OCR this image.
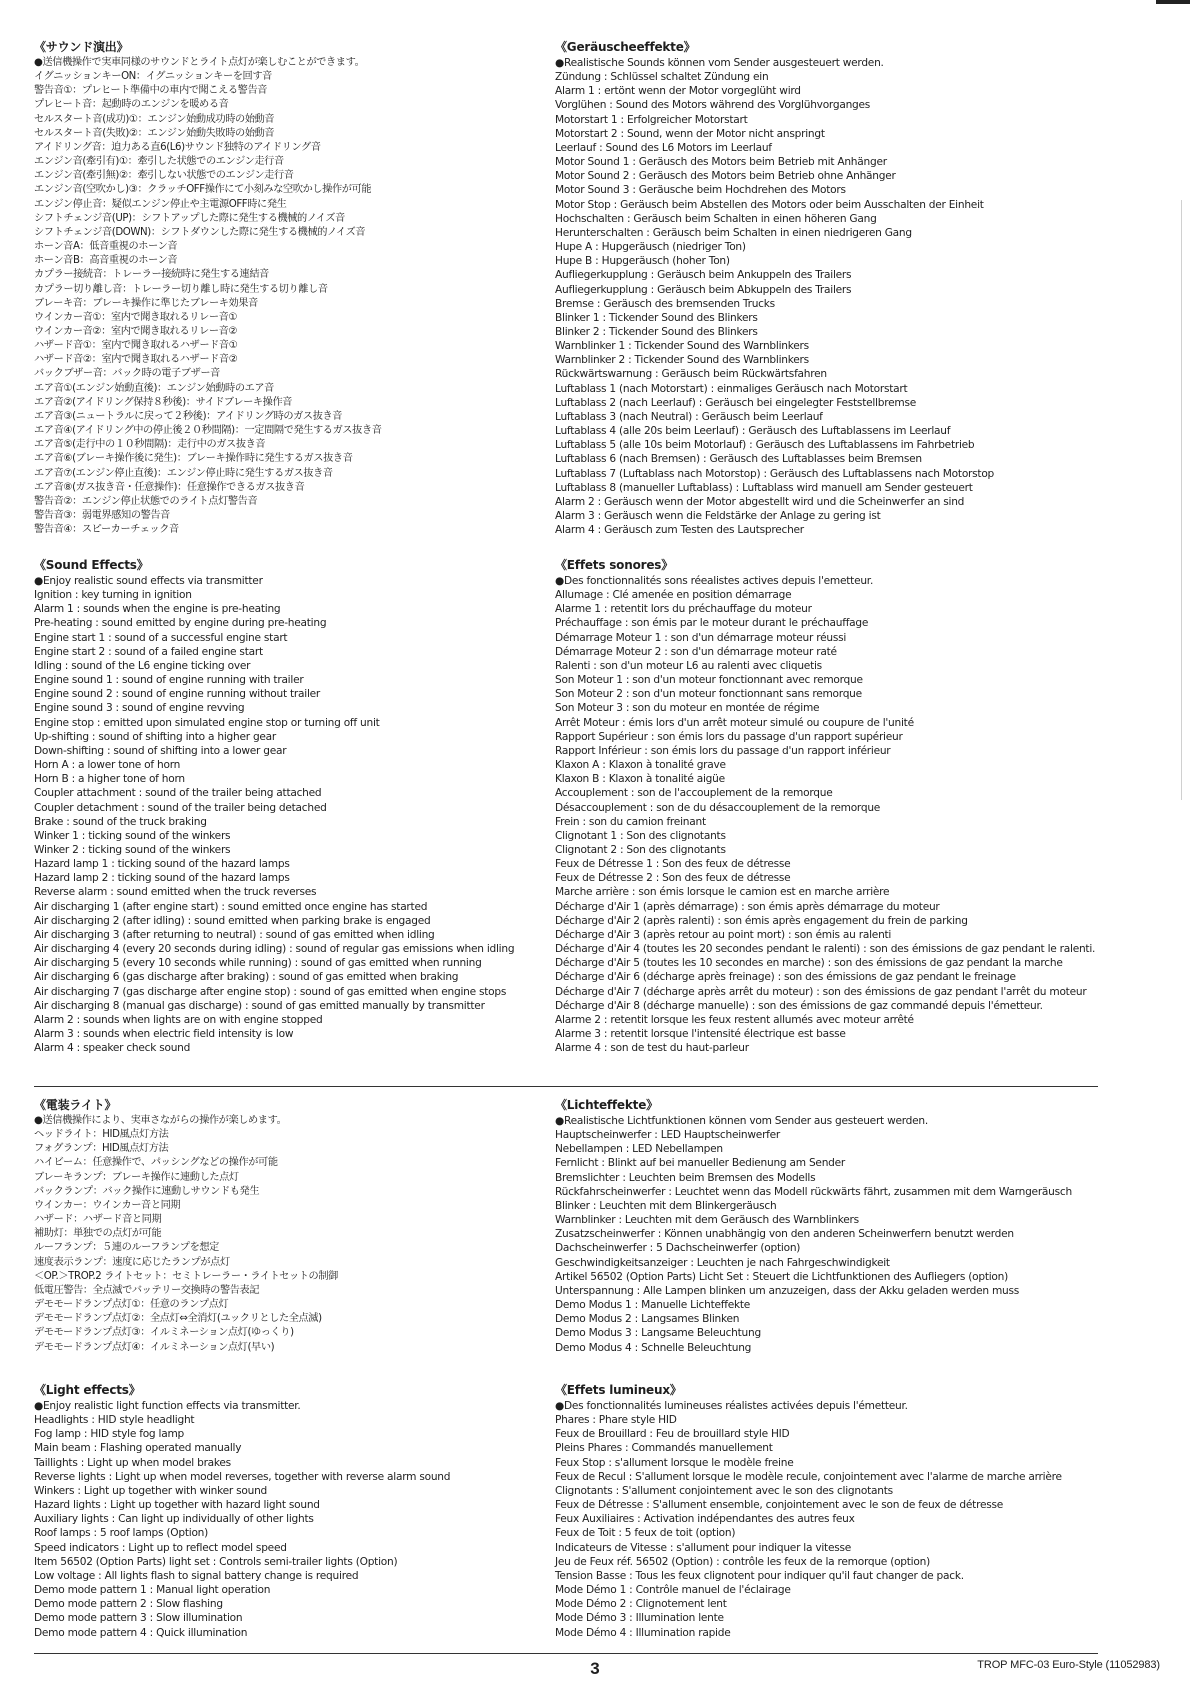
《サウンド演出》
●送信機操作で実車同様のサウンドとライト点灯が楽しむことができます。
イグニッションキーON：イグニッションキーを回す音
警告音①：プレヒート準備中の車内で聞こえる警告音
プレヒート音：起動時のエンジンを暖める音
セルスタート音(成功)①：エンジン始動成功時の始動音
セルスタート音(失敗)②：エンジン始動失敗時の始動音
アイドリング音：迫力ある直6(L6)サウンド独特のアイドリング音
エンジン音(牽引有)①：牽引した状態でのエンジン走行音
エンジン音(牽引無)②：牽引しない状態でのエンジン走行音
エンジン音(空吹かし)③：クラッチOFF操作にて小刻みな空吹かし操作が可能
エンジン停止音：疑似エンジン停止や主電源OFF時に発生
シフトチェンジ音(UP)：シフトアップした際に発生する機械的ノイズ音
シフトチェンジ音(DOWN)：シフトダウンした際に発生する機械的ノイズ音
ホーン音A：低音重視のホーン音
ホーン音B：高音重視のホーン音
カプラー接続音：トレーラー接続時に発生する連結音
カプラー切り離し音：トレーラー切り離し時に発生する切り離し音
ブレーキ音：ブレーキ操作に準じたブレーキ効果音
ウインカー音①：室内で聞き取れるリレー音①
ウインカー音②：室内で聞き取れるリレー音②
ハザード音①：室内で聞き取れるハザード音①
ハザード音②：室内で聞き取れるハザード音②
バックブザー音：バック時の電子ブザー音
エア音①(エンジン始動直後)：エンジン始動時のエア音
エア音②(アイドリング保持８秒後)：サイドブレーキ操作音
エア音③(ニュートラルに戻って２秒後)：アイドリング時のガス抜き音
エア音④(アイドリング中の停止後２０秒間隔)：一定間隔で発生するガス抜き音
エア音⑤(走行中の１０秒間隔)：走行中のガス抜き音
エア音⑥(ブレーキ操作後に発生)：ブレーキ操作時に発生するガス抜き音
エア音⑦(エンジン停止直後)：エンジン停止時に発生するガス抜き音
エア音⑧(ガス抜き音・任意操作)：任意操作できるガス抜き音
警告音②：エンジン停止状態でのライト点灯警告音
警告音③：弱電界感知の警告音
警告音④：スピーカーチェック音
《Sound Effects》
●Enjoy realistic sound effects via transmitter
Ignition : key turning in ignition
Alarm 1 : sounds when the engine is pre-heating
Pre-heating : sound emitted by engine during pre-heating
Engine start 1 : sound of a successful engine start
Engine start 2 : sound of a failed engine start
Idling : sound of the L6 engine ticking over
Engine sound 1 : sound of engine running with trailer
Engine sound 2 : sound of engine running without trailer
Engine sound 3 : sound of engine revving
Engine stop : emitted upon simulated engine stop or turning off unit
Up-shifting : sound of shifting into a higher gear
Down-shifting : sound of shifting into a lower gear
Horn A : a lower tone of horn
Horn B : a higher tone of horn
Coupler attachment : sound of the trailer being attached
Coupler detachment : sound of the trailer being detached
Brake : sound of the truck braking
Winker 1 : ticking sound of the winkers
Winker 2 : ticking sound of the winkers
Hazard lamp 1 : ticking sound of the hazard lamps
Hazard lamp 2 : ticking sound of the hazard lamps
Reverse alarm : sound emitted when the truck reverses
Air discharging 1 (after engine start) : sound emitted once engine has started
Air discharging 2 (after idling) : sound emitted when parking brake is engaged
Air discharging 3 (after returning to neutral) : sound of gas emitted when idling
Air discharging 4 (every 20 seconds during idling) : sound of regular gas emissions when idling
Air discharging 5 (every 10 seconds while running) : sound of gas emitted when running
Air discharging 6 (gas discharge after braking) : sound of gas emitted when braking
Air discharging 7 (gas discharge after engine stop) : sound of gas emitted when engine stops
Air discharging 8 (manual gas discharge) : sound of gas emitted manually by transmitter
Alarm 2 : sounds when lights are on with engine stopped
Alarm 3 : sounds when electric field intensity is low
Alarm 4 : speaker check sound
《電装ライト》
●送信機操作により、実車さながらの操作が楽しめます。
ヘッドライト：HID風点灯方法
フォグランプ：HID風点灯方法
ハイビーム：任意操作で、パッシングなどの操作が可能
ブレーキランプ：ブレーキ操作に連動した点灯
バックランプ：バック操作に連動しサウンドも発生
ウインカー：ウインカー音と同期
ハザード：ハザード音と同期
補助灯：単独での点灯が可能
ルーフランプ：５連のルーフランプを想定
速度表示ランプ：速度に応じたランプが点灯
＜OP.＞TROP.2 ライトセット：セミトレーラー・ライトセットの制御
低電圧警告：全点滅でバッテリー交換時の警告表記
デモモードランプ点灯①：任意のランプ点灯
デモモードランプ点灯②：全点灯⇔全消灯(ユックリとした全点滅)
デモモードランプ点灯③：イルミネーション点灯(ゆっくり)
デモモードランプ点灯④：イルミネーション点灯(早い)
《Light effects》
●Enjoy realistic light function effects via transmitter.
Headlights : HID style headlight
Fog lamp : HID style fog lamp
Main beam : Flashing operated manually
Taillights : Light up when model brakes
Reverse lights : Light up when model reverses, together with reverse alarm sound
Winkers : Light up together with winker sound
Hazard lights : Light up together with hazard light sound
Auxiliary lights : Can light up individually of other lights
Roof lamps : 5 roof lamps (Option)
Speed indicators : Light up to reflect model speed
Item 56502 (Option Parts) light set : Controls semi-trailer lights (Option)
Low voltage : All lights flash to signal battery change is required
Demo mode pattern 1 : Manual light operation
Demo mode pattern 2 : Slow flashing
Demo mode pattern 3 : Slow illumination
Demo mode pattern 4 : Quick illumination
《Geräuscheeffekte》
●Realistische Sounds können vom Sender ausgesteuert werden.
Zündung : Schlüssel schaltet Zündung ein
Alarm 1 : ertönt wenn der Motor vorgeglüht wird
Vorglühen : Sound des Motors während des Vorglühvorganges
Motorstart 1 : Erfolgreicher Motorstart
Motorstart 2 : Sound, wenn der Motor nicht anspringt
Leerlauf : Sound des L6 Motors im Leerlauf
Motor Sound 1 : Geräusch des Motors beim Betrieb mit Anhänger
Motor Sound 2 : Geräusch des Motors beim Betrieb ohne Anhänger
Motor Sound 3 : Geräusche beim Hochdrehen des Motors
Motor Stop : Geräusch beim Abstellen des Motors oder beim Ausschalten der Einheit
Hochschalten : Geräusch beim Schalten in einen höheren Gang
Herunterschalten : Geräusch beim Schalten in einen niedrigeren Gang
Hupe A : Hupgeräusch (niedriger Ton)
Hupe B : Hupgeräusch (hoher Ton)
Aufliegerkupplung : Geräusch beim Ankuppeln des Trailers
Aufliegerkupplung : Geräusch beim Abkuppeln des Trailers
Bremse : Geräusch des bremsenden Trucks
Blinker 1 : Tickender Sound des Blinkers
Blinker 2 : Tickender Sound des Blinkers
Warnblinker 1 : Tickender Sound des Warnblinkers
Warnblinker 2 : Tickender Sound des Warnblinkers
Rückwärtswarnung : Geräusch beim Rückwärtsfahren
Luftablass 1 (nach Motorstart) : einmaliges Geräusch nach Motorstart
Luftablass 2 (nach Leerlauf) : Geräusch bei eingelegter Feststellbremse
Luftablass 3 (nach Neutral) : Geräusch beim Leerlauf
Luftablass 4 (alle 20s beim Leerlauf) : Geräusch des Luftablassens im Leerlauf
Luftablass 5 (alle 10s beim Motorlauf) : Geräusch des Luftablassens im Fahrbetrieb
Luftablass 6 (nach Bremsen) : Geräusch des Luftablasses beim Bremsen
Luftablass 7 (Luftablass nach Motorstop) : Geräusch des Luftablassens nach Motorstop
Luftablass 8 (manueller Luftablass) : Luftablass wird manuell am Sender gesteuert
Alarm 2 : Geräusch wenn der Motor abgestellt wird und die Scheinwerfer an sind
Alarm 3 : Geräusch wenn die Feldstärke der Anlage zu gering ist
Alarm 4 : Geräusch zum Testen des Lautsprecher
《Effets sonores》
●Des fonctionnalités sons réealistes actives depuis l'emetteur.
Allumage : Clé amenée en position démarrage
Alarme 1 : retentit lors du préchauffage du moteur
Préchauffage : son émis par le moteur durant le préchauffage
Démarrage Moteur 1 : son d'un démarrage moteur réussi
Démarrage Moteur 2 : son d'un démarrage moteur raté
Ralenti : son d'un moteur L6 au ralenti avec cliquetis
Son Moteur 1 : son d'un moteur fonctionnant avec remorque
Son Moteur 2 : son d'un moteur fonctionnant sans remorque
Son Moteur 3 : son du moteur en montée de régime
Arrêt Moteur : émis lors d'un arrêt moteur simulé ou coupure de l'unité
Rapport Supérieur : son émis lors du passage d'un rapport supérieur
Rapport Inférieur : son émis lors du passage d'un rapport inférieur
Klaxon A : Klaxon à tonalité grave
Klaxon B : Klaxon à tonalité aigüe
Accouplement : son de l'accouplement de la remorque
Désaccouplement : son de du désaccouplement de la remorque
Frein : son du camion freinant
Clignotant 1 : Son des clignotants
Clignotant 2 : Son des clignotants
Feux de Détresse 1 : Son des feux de détresse
Feux de Détresse 2 : Son des feux de détresse
Marche arrière : son émis lorsque le camion est en marche arrière
Décharge d'Air 1 (après démarrage) : son émis après démarrage du moteur
Décharge d'Air 2 (après ralenti) : son émis après engagement du frein de parking
Décharge d'Air 3 (après retour au point mort) : son émis au ralenti
Décharge d'Air 4 (toutes les 20 secondes pendant le ralenti) : son des émissions de gaz pendant le ralenti.
Décharge d'Air 5 (toutes les 10 secondes en marche) : son des émissions de gaz pendant la marche
Décharge d'Air 6 (décharge après freinage) : son des émissions de gaz pendant le freinage
Décharge d'Air 7 (décharge après arrêt du moteur) : son des émissions de gaz pendant l'arrêt du moteur
Décharge d'Air 8 (décharge manuelle) : son des émissions de gaz commandé depuis l'émetteur.
Alarme 2 : retentit lorsque les feux restent allumés avec moteur arrêté
Alarme 3 : retentit lorsque l'intensité électrique est basse
Alarme 4 : son de test du haut-parleur
《Lichteffekte》
●Realistische Lichtfunktionen können vom Sender aus gesteuert werden.
Hauptscheinwerfer : LED Hauptscheinwerfer
Nebellampen : LED Nebellampen
Fernlicht : Blinkt auf bei manueller Bedienung am Sender
Bremslichter : Leuchten beim Bremsen des Modells
Rückfahrscheinwerfer : Leuchtet wenn das Modell rückwärts fährt, zusammen mit dem Warngeräusch
Blinker : Leuchten mit dem Blinkergeräusch
Warnblinker : Leuchten mit dem Geräusch des Warnblinkers
Zusatzscheinwerfer : Können unabhängig von den anderen Scheinwerfern benutzt werden
Dachscheinwerfer : 5 Dachscheinwerfer (option)
Geschwindigkeitsanzeiger : Leuchten je nach Fahrgeschwindigkeit
Artikel 56502 (Option Parts) Licht Set : Steuert die Lichtfunktionen des Aufliegers (option)
Unterspannung : Alle Lampen blinken um anzuzeigen, dass der Akku geladen werden muss
Demo Modus 1 : Manuelle Lichteffekte
Demo Modus 2 : Langsames Blinken
Demo Modus 3 : Langsame Beleuchtung
Demo Modus 4 : Schnelle Beleuchtung
《Effets lumineux》
●Des fonctionnalités lumineuses réalistes activées depuis l'émetteur.
Phares : Phare style HID
Feux de Brouillard : Feu de brouillard style HID
Pleins Phares : Commandés manuellement
Feux Stop : s'allument lorsque le modèle freine
Feux de Recul : S'allument lorsque le modèle recule, conjointement avec l'alarme de marche arrière
Clignotants : S'allument conjointement avec le son des clignotants
Feux de Détresse : S'allument ensemble, conjointement avec le son de feux de détresse
Feux Auxiliaires : Activation indépendantes des autres feux
Feux de Toit : 5 feux de toit (option)
Indicateurs de Vitesse : s'allument pour indiquer la vitesse
Jeu de Feux réf. 56502 (Option) : contrôle les feux de la remorque (option)
Tension Basse : Tous les feux clignotent pour indiquer qu'il faut changer de pack.
Mode Démo 1 : Contrôle manuel de l'éclairage
Mode Démo 2 : Clignotement lent
Mode Démo 3 : Illumination lente
Mode Démo 4 : Illumination rapide
3	TROP MFC-03 Euro-Style (11052983)
